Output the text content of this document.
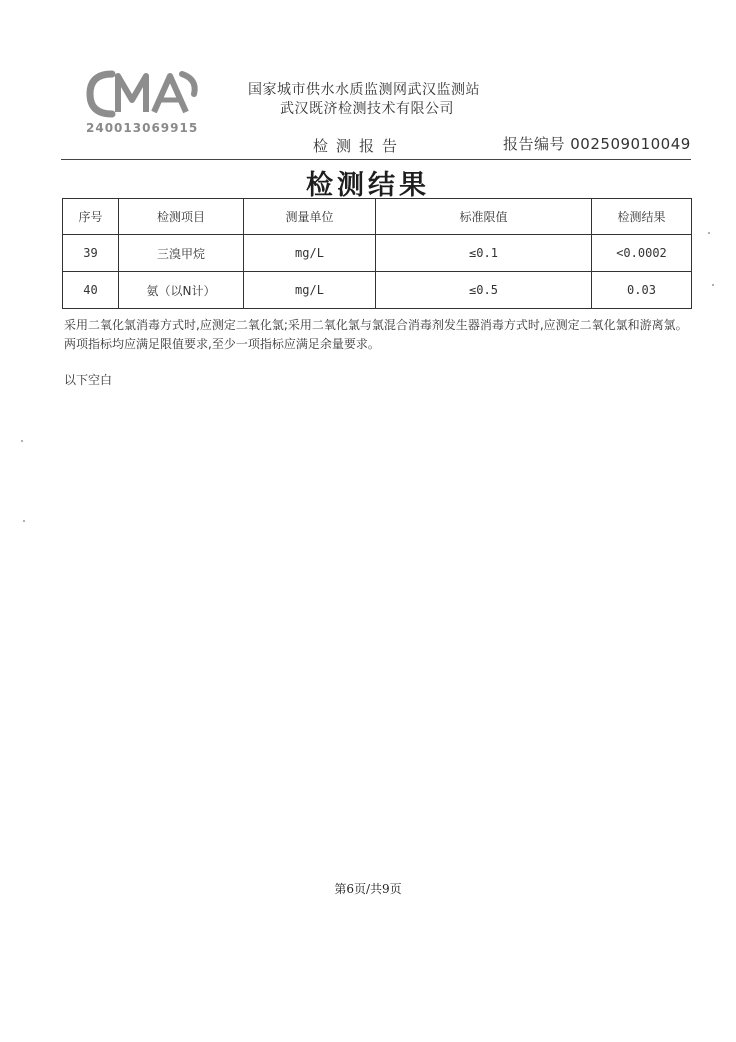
240013069915
国家城市供水水质监测网武汉监测站
武汉既济检测技术有限公司
检测报告	报告编号 002509010049
检测结果
序号	检测项目	测量单位	标准限值	检测结果
39	三溴甲烷	mg/L	≤0.1	<0.0002
40	氨（以N计）	mg/L	≤0.5	0.03
采用二氧化氯消毒方式时,应测定二氧化氯;采用二氧化氯与氯混合消毒剂发生器消毒方式时,应测定二氧化氯和游离氯。两项指标均应满足限值要求,至少一项指标应满足余量要求。
以下空白
第6页/共9页
